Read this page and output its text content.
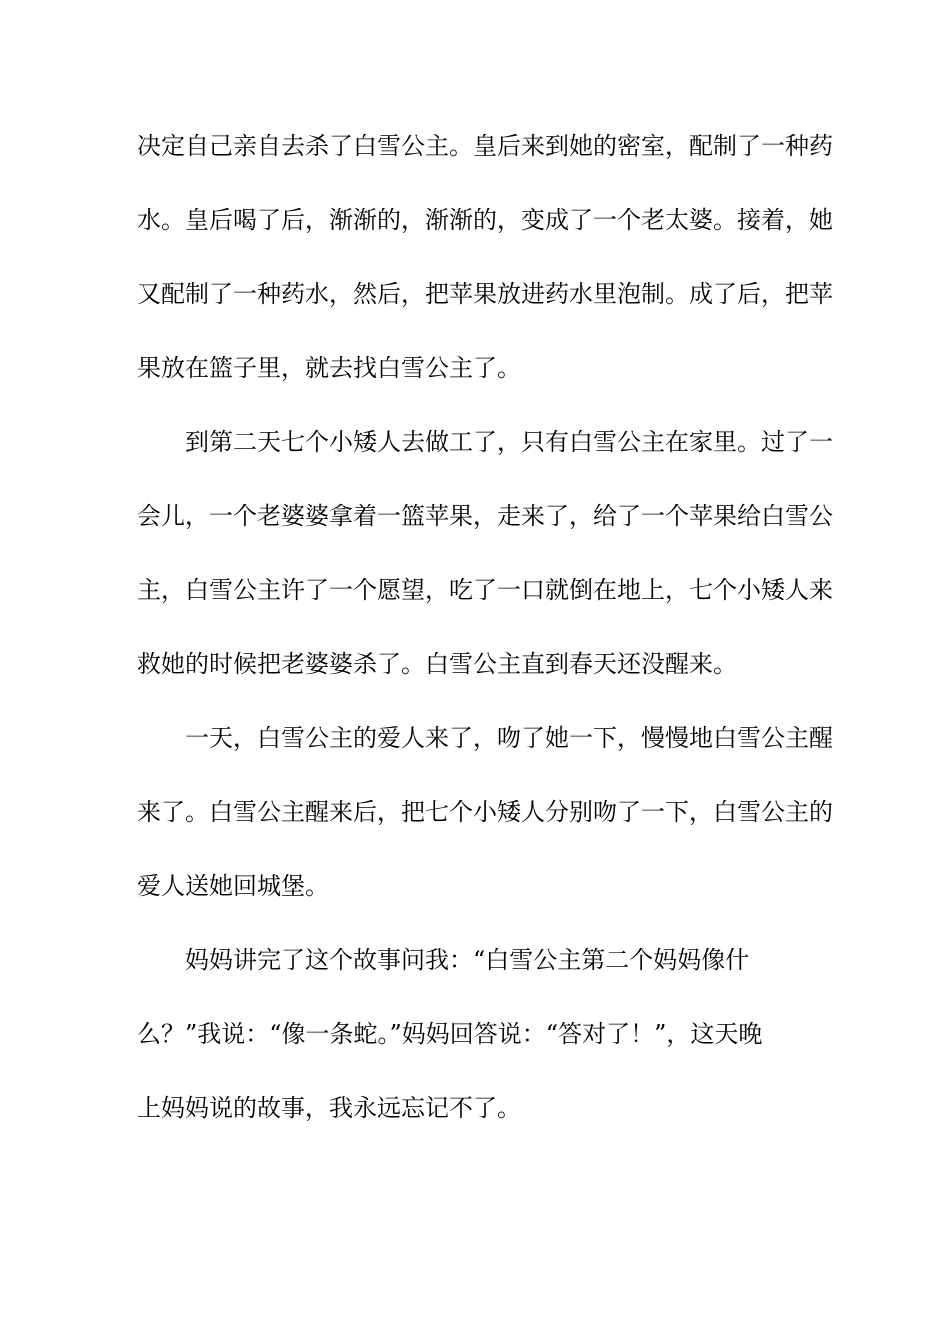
决定自己亲自去杀了白雪公主。皇后来到她的密室，配制了一种药
水。皇后喝了后，渐渐的，渐渐的，变成了一个老太婆。接着，她
又配制了一种药水，然后，把苹果放进药水里泡制。成了后，把苹
果放在篮子里，就去找白雪公主了。
到第二天七个小矮人去做工了，只有白雪公主在家里。过了一
会儿，一个老婆婆拿着一篮苹果，走来了，给了一个苹果给白雪公
主，白雪公主许了一个愿望，吃了一口就倒在地上，七个小矮人来
救她的时候把老婆婆杀了。白雪公主直到春天还没醒来。
一天，白雪公主的爱人来了，吻了她一下，慢慢地白雪公主醒
来了。白雪公主醒来后，把七个小矮人分别吻了一下，白雪公主的
爱人送她回城堡。
妈妈讲完了这个故事问我：“白雪公主第二个妈妈像什
么？”我说：“像一条蛇。”妈妈回答说：“答对了！”，这天晚
上妈妈说的故事，我永远忘记不了。
